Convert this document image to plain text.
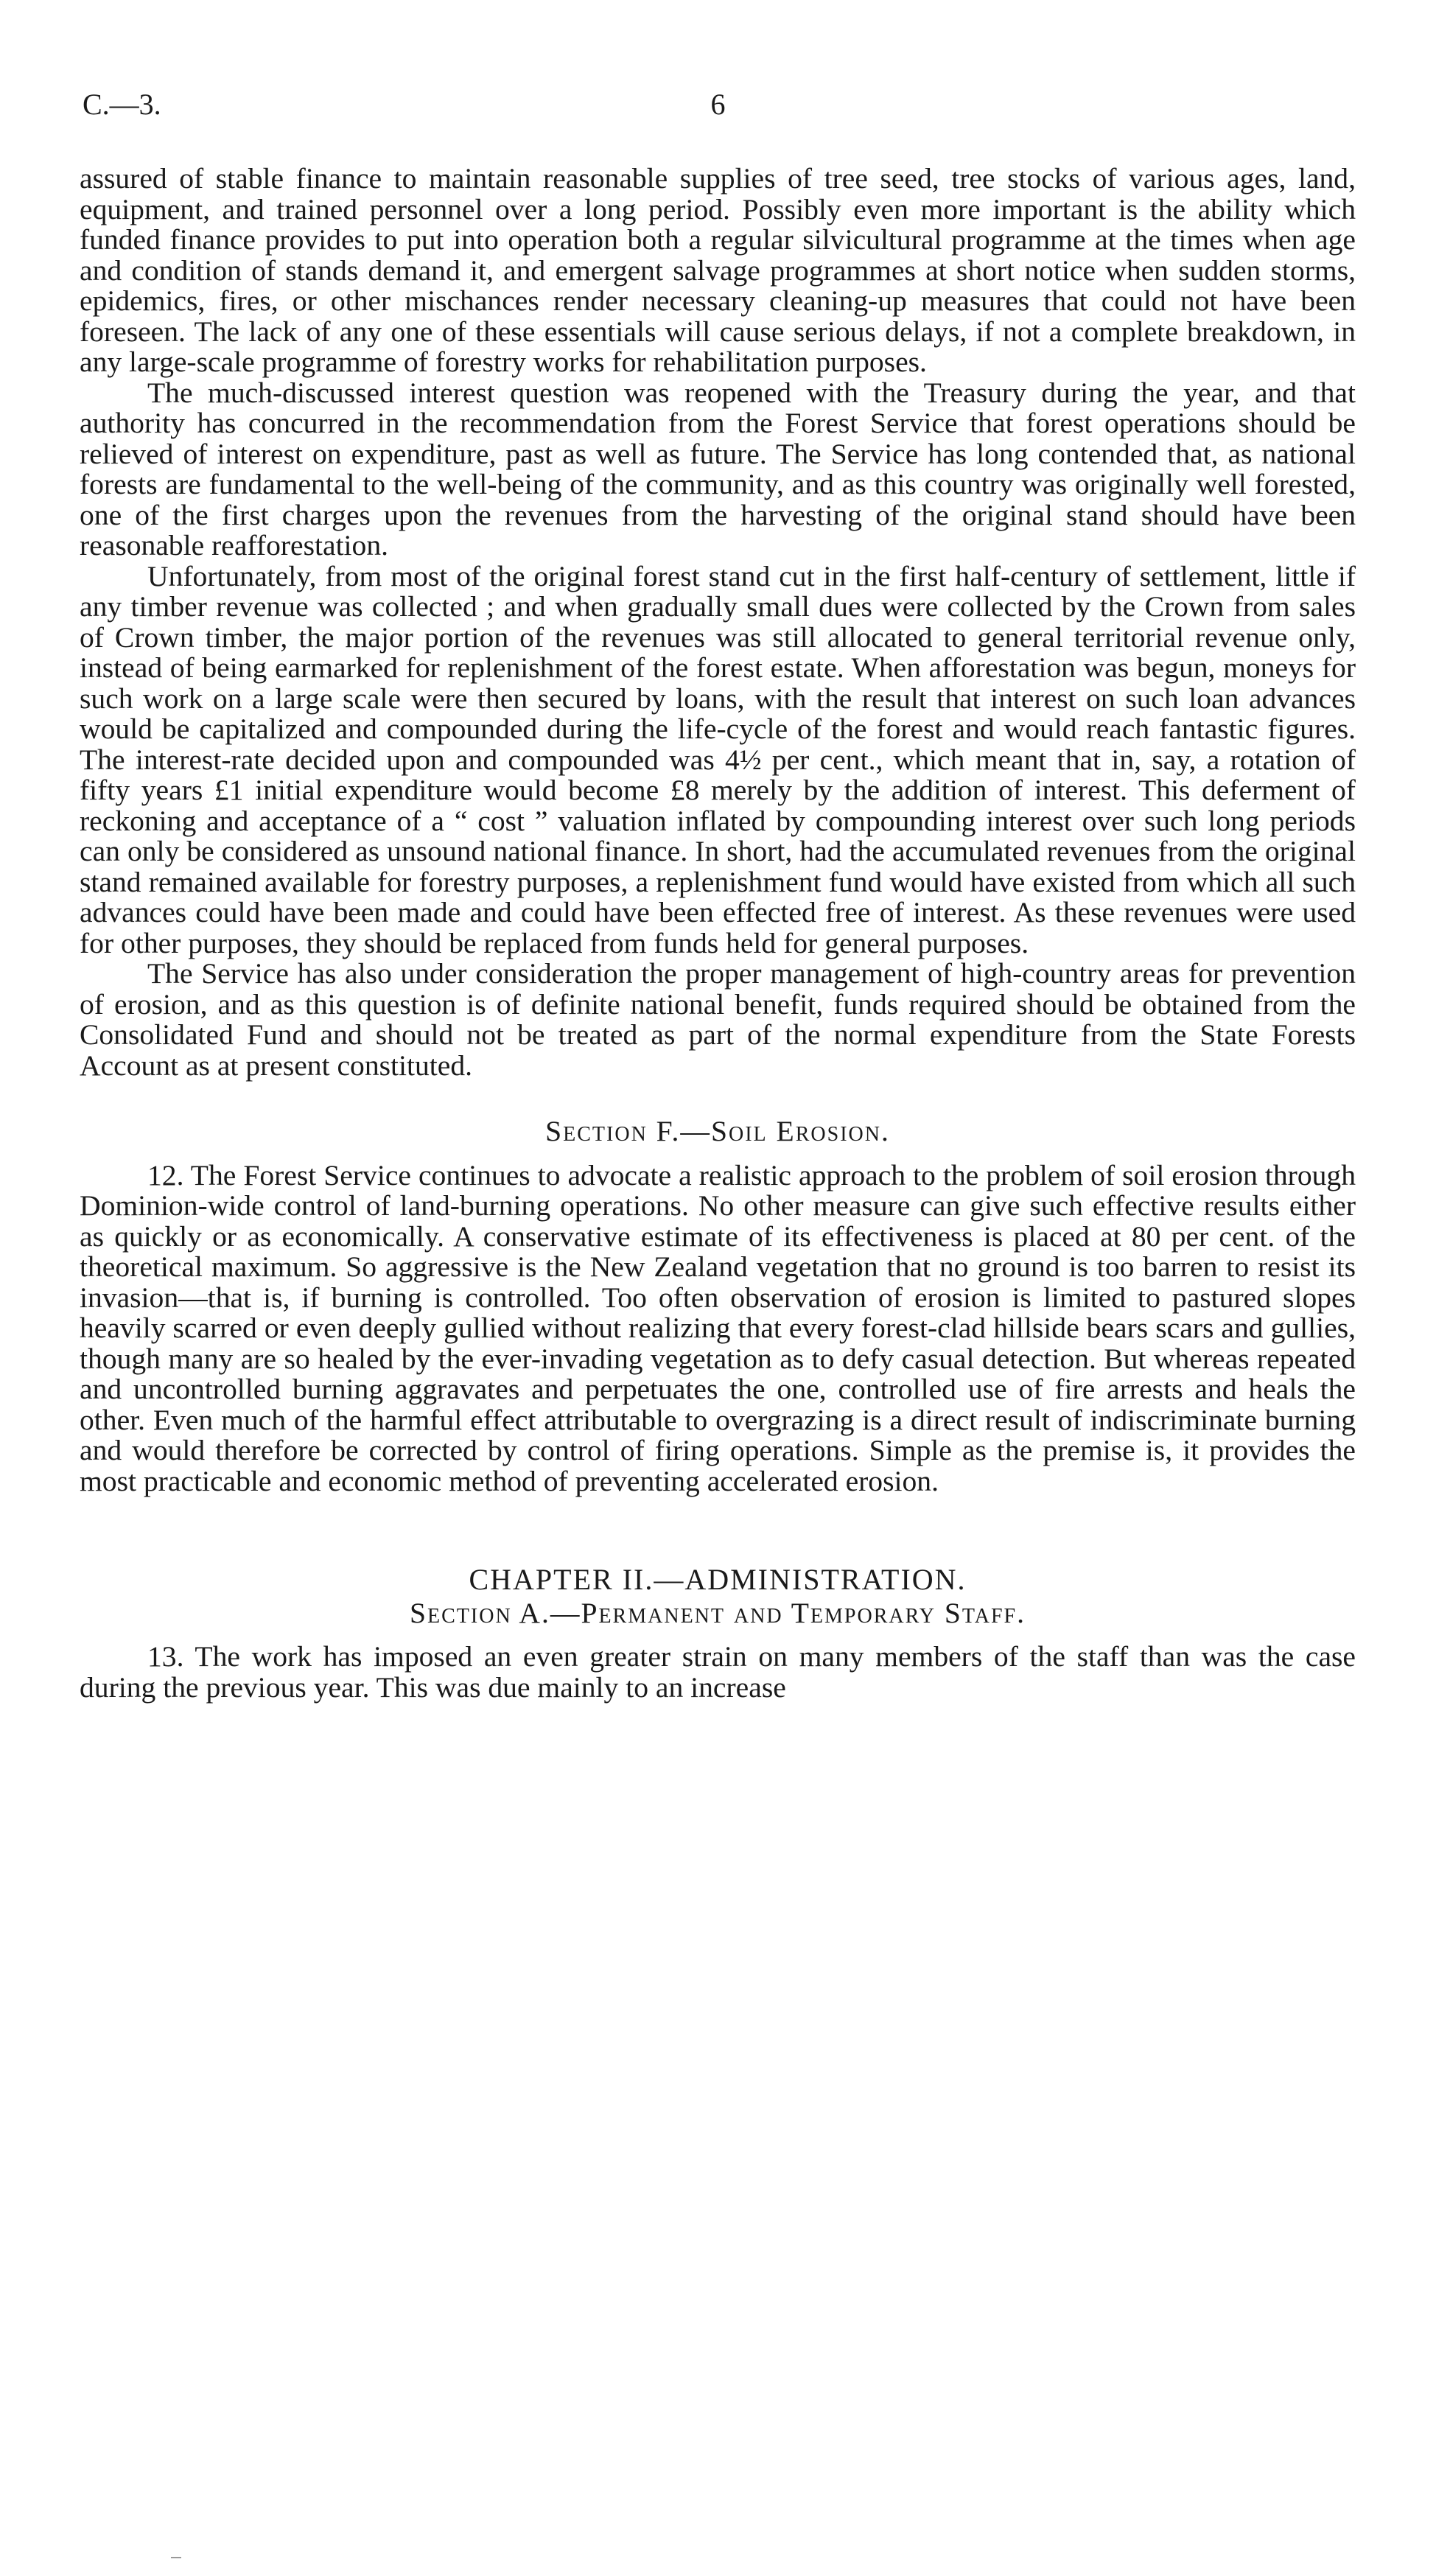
C.—3.	6

assured of stable finance to maintain reasonable supplies of tree seed, tree stocks of various ages, land, equipment, and trained personnel over a long period. Possibly even more important is the ability which funded finance provides to put into operation both a regular silvicultural programme at the times when age and condition of stands demand it, and emergent salvage programmes at short notice when sudden storms, epidemics, fires, or other mischances render necessary cleaning-up measures that could not have been foreseen. The lack of any one of these essentials will cause serious delays, if not a complete breakdown, in any large-scale programme of forestry works for rehabilitation purposes.

The much-discussed interest question was reopened with the Treasury during the year, and that authority has concurred in the recommendation from the Forest Service that forest operations should be relieved of interest on expenditure, past as well as future. The Service has long contended that, as national forests are fundamental to the well-being of the community, and as this country was originally well forested, one of the first charges upon the revenues from the harvesting of the original stand should have been reasonable reafforestation.

Unfortunately, from most of the original forest stand cut in the first half-century of settlement, little if any timber revenue was collected ; and when gradually small dues were collected by the Crown from sales of Crown timber, the major portion of the revenues was still allocated to general territorial revenue only, instead of being earmarked for replenishment of the forest estate. When afforestation was begun, moneys for such work on a large scale were then secured by loans, with the result that interest on such loan advances would be capitalized and compounded during the life-cycle of the forest and would reach fantastic figures. The interest-rate decided upon and compounded was 4½ per cent., which meant that in, say, a rotation of fifty years £1 initial expenditure would become £8 merely by the addition of interest. This deferment of reckoning and acceptance of a “ cost ” valuation inflated by compounding interest over such long periods can only be considered as unsound national finance. In short, had the accumulated revenues from the original stand remained available for forestry purposes, a replenishment fund would have existed from which all such advances could have been made and could have been effected free of interest. As these revenues were used for other purposes, they should be replaced from funds held for general purposes.

The Service has also under consideration the proper management of high-country areas for prevention of erosion, and as this question is of definite national benefit, funds required should be obtained from the Consolidated Fund and should not be treated as part of the normal expenditure from the State Forests Account as at present constituted.

Section F.—Soil Erosion.

12. The Forest Service continues to advocate a realistic approach to the problem of soil erosion through Dominion-wide control of land-burning operations. No other measure can give such effective results either as quickly or as economically. A conservative estimate of its effectiveness is placed at 80 per cent. of the theoretical maximum. So aggressive is the New Zealand vegetation that no ground is too barren to resist its invasion—that is, if burning is controlled. Too often observation of erosion is limited to pastured slopes heavily scarred or even deeply gullied without realizing that every forest-clad hillside bears scars and gullies, though many are so healed by the ever-invading vegetation as to defy casual detection. But whereas repeated and uncontrolled burning aggravates and perpetuates the one, controlled use of fire arrests and heals the other. Even much of the harmful effect attributable to overgrazing is a direct result of indiscriminate burning and would therefore be corrected by control of firing operations. Simple as the premise is, it provides the most practicable and economic method of preventing accelerated erosion.

CHAPTER II.—ADMINISTRATION.

Section A.—Permanent and Temporary Staff.

13. The work has imposed an even greater strain on many members of the staff than was the case during the previous year. This was due mainly to an increase
